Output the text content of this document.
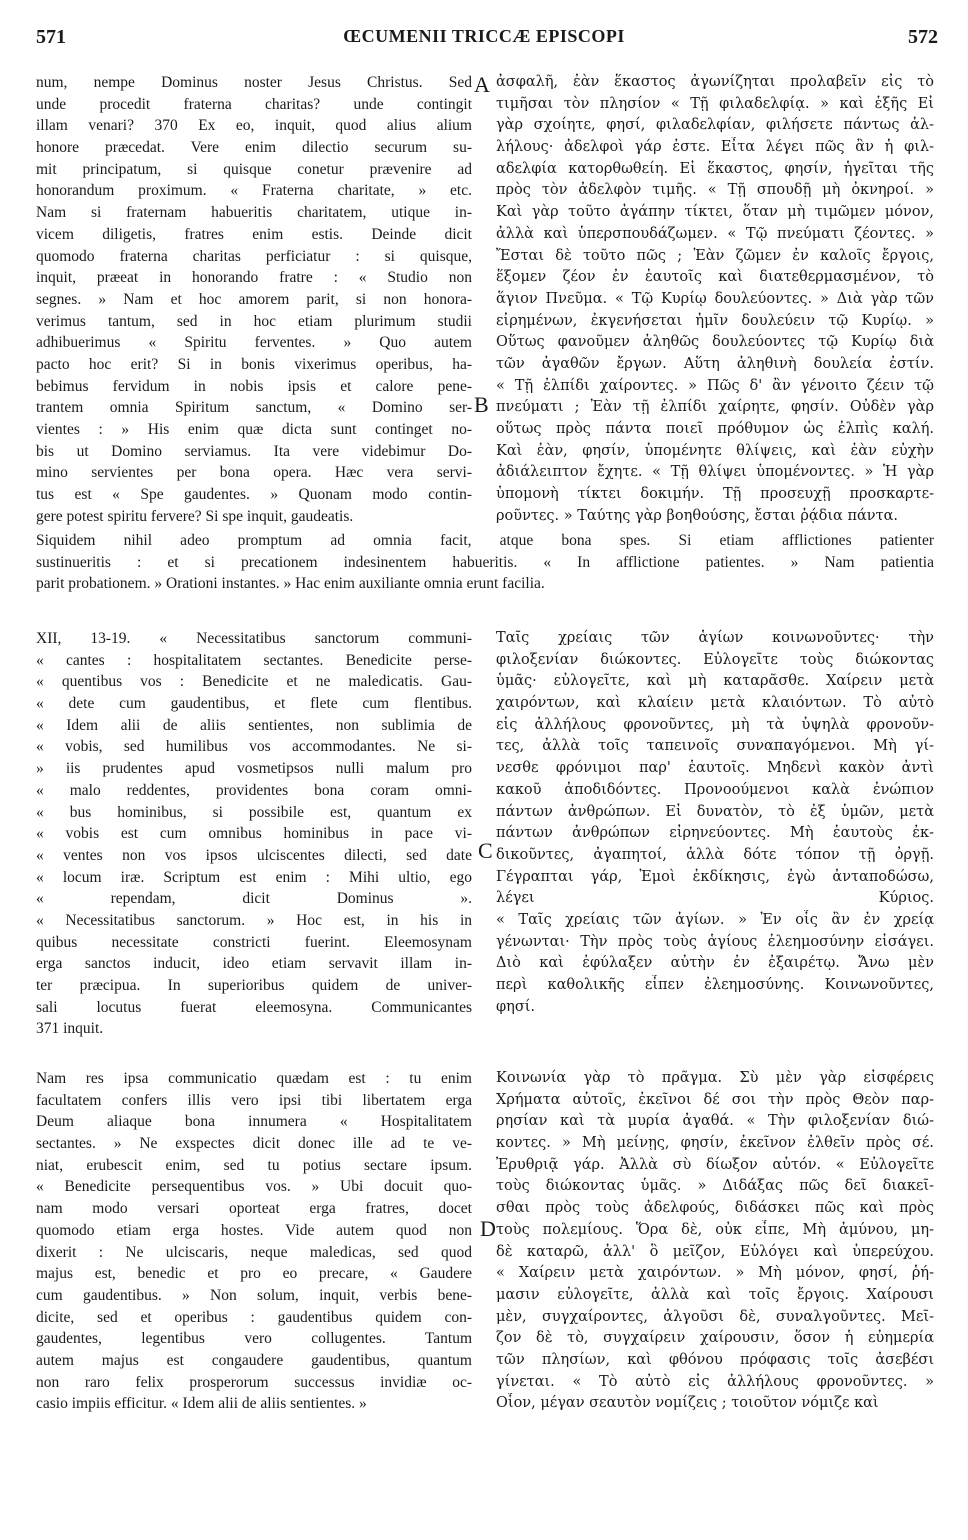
571	ŒCUMENII TRICCÆ EPISCOPI	572
A
B
C
D
num, nempe Dominus noster Jesus Christus. Sed
unde procedit fraterna charitas? unde contingit
illam venari? 370 Ex eo, inquit, quod alius alium
honore præcedat. Vere enim dilectio securum su-
mit principatum, si quisque conetur prævenire ad
honorandum proximum. « Fraterna charitate, » etc.
Nam si fraternam habueritis charitatem, utique in-
vicem diligetis, fratres enim estis. Deinde dicit
quomodo fraterna charitas perficiatur : si quisque,
inquit, præeat in honorando fratre : « Studio non
segnes. » Nam et hoc amorem parit, si non honora-
verimus tantum, sed in hoc etiam plurimum studii
adhibuerimus « Spiritu ferventes. » Quo autem
pacto hoc erit? Si in bonis vixerimus operibus, ha-
bebimus fervidum in nobis ipsis et calore pene-
trantem omnia Spiritum sanctum, « Domino ser-
vientes : » His enim quæ dicta sunt continget no-
bis ut Domino serviamus. Ita vere videbimur Do-
mino servientes per bona opera. Hæc vera servi-
tus est « Spe gaudentes. » Quonam modo contin-
gere potest spiritu fervere? Si spe inquit, gaudeatis.
ἀσφαλῆ, ἐὰν ἕκαστος ἀγωνίζηται προλαβεῖν εἰς τὸ
τιμῆσαι τὸν πλησίον « Τῇ φιλαδελφίᾳ. » καὶ ἑξῆς Εἰ
γὰρ σχοίητε, φησί, φιλαδελφίαν, φιλήσετε πάντως ἀλ-
λήλους· ἀδελφοὶ γάρ ἐστε. Εἶτα λέγει πῶς ἂν ἡ φιλ-
αδελφία κατορθωθείη. Εἰ ἕκαστος, φησίν, ἡγεῖται τῆς
πρὸς τὸν ἀδελφὸν τιμῆς. « Τῇ σπουδῇ μὴ ὀκνηροί. »
Καὶ γὰρ τοῦτο ἀγάπην τίκτει, ὅταν μὴ τιμῶμεν μόνον,
ἀλλὰ καὶ ὑπερσπουδάζωμεν. « Τῷ πνεύματι ζέοντες. »
Ἔσται δὲ τοῦτο πῶς ; Ἐὰν ζῶμεν ἐν καλοῖς ἔργοις,
ἕξομεν ζέον ἐν ἑαυτοῖς καὶ διατεθερμασμένον, τὸ
ἅγιον Πνεῦμα. « Τῷ Κυρίῳ δουλεύοντες. » Διὰ γὰρ τῶν
εἰρημένων, ἐκγενήσεται ἡμῖν δουλεύειν τῷ Κυρίῳ. »
Οὕτως φανοῦμεν ἀληθῶς δουλεύοντες τῷ Κυρίῳ διὰ
τῶν ἀγαθῶν ἔργων. Αὕτη ἀληθινὴ δουλεία ἐστίν.
« Τῇ ἐλπίδι χαίροντες. » Πῶς δ' ἂν γένοιτο ζέειν τῷ
πνεύματι ; Ἐὰν τῇ ἐλπίδι χαίρητε, φησίν. Οὐδὲν γὰρ
οὕτως πρὸς πάντα ποιεῖ πρόθυμον ὡς ἐλπὶς καλή.
Καὶ ἐὰν, φησίν, ὑπομένητε θλίψεις, καὶ ἐὰν εὐχὴν
ἀδιάλειπτον ἔχητε. « Τῇ θλίψει ὑπομένοντες. » Ἡ γὰρ
ὑπομονὴ τίκτει δοκιμήν. Τῇ προσευχῇ προσκαρτε-
ροῦντες. » Ταύτης γὰρ βοηθούσης, ἔσται ῥᾴδια πάντα.
Siquidem nihil adeo promptum ad omnia facit, atque bona spes. Si etiam afflictiones patienter
sustinueritis : et si precationem indesinentem habueritis. « In afflictione patientes. » Nam patientia
parit probationem. » Orationi instantes. » Hac enim auxiliante omnia erunt facilia.
XII, 13-19. « Necessitatibus sanctorum communi-
« cantes : hospitalitatem sectantes. Benedicite perse-
« quentibus vos : Benedicite et ne maledicatis. Gau-
« dete cum gaudentibus, et flete cum flentibus.
« Idem alii de aliis sentientes, non sublimia de
« vobis, sed humilibus vos accommodantes. Ne si-
» iis prudentes apud vosmetipsos nulli malum pro
« malo reddentes, providentes bona coram omni-
« bus hominibus, si possibile est, quantum ex
« vobis est cum omnibus hominibus in pace vi-
« ventes non vos ipsos ulciscentes dilecti, sed date
« locum iræ. Scriptum est enim : Mihi ultio, ego
« rependam, dicit Dominus ».
« Necessitatibus sanctorum. » Hoc est, in his in
quibus necessitate constricti fuerint. Eleemosynam
erga sanctos inducit, ideo etiam servavit illam in-
ter præcipua. In superioribus quidem de univer-
sali locutus fuerat eleemosyna. Communicantes
371 inquit.
Ταῖς χρείαις τῶν ἁγίων κοινωνοῦντες· τὴν
φιλοξενίαν διώκοντες. Εὐλογεῖτε τοὺς διώκοντας
ὑμᾶς· εὐλογεῖτε, καὶ μὴ καταρᾶσθε. Χαίρειν μετὰ
χαιρόντων, καὶ κλαίειν μετὰ κλαιόντων. Τὸ αὐτὸ
εἰς ἀλλήλους φρονοῦντες, μὴ τὰ ὑψηλὰ φρονοῦν-
τες, ἀλλὰ τοῖς ταπεινοῖς συναπαγόμενοι. Μὴ γί-
νεσθε φρόνιμοι παρ' ἑαυτοῖς. Μηδενὶ κακὸν ἀντὶ
κακοῦ ἀποδιδόντες. Προνοούμενοι καλὰ ἐνώπιον
πάντων ἀνθρώπων. Εἰ δυνατὸν, τὸ ἐξ ὑμῶν, μετὰ
πάντων ἀνθρώπων εἰρηνεύοντες. Μὴ ἑαυτοὺς ἐκ-
δικοῦντες, ἀγαπητοί, ἀλλὰ δότε τόπον τῇ ὀργῇ.
Γέγραπται γάρ, Ἐμοὶ ἐκδίκησις, ἐγὼ ἀνταποδώσω,
λέγει Κύριος.
« Ταῖς χρείαις τῶν ἁγίων. » Ἐν οἷς ἂν ἐν χρείᾳ
γένωνται· Τὴν πρὸς τοὺς ἁγίους ἐλεημοσύνην εἰσάγει.
Διὸ καὶ ἐφύλαξεν αὐτὴν ἐν ἐξαιρέτῳ. Ἄνω μὲν
περὶ καθολικῆς εἶπεν ἐλεημοσύνης. Κοινωνοῦντες,
φησί.
Nam res ipsa communicatio quædam est : tu enim
facultatem confers illis vero ipsi tibi libertatem erga
Deum aliaque bona innumera « Hospitalitatem
sectantes. » Ne exspectes dicit donec ille ad te ve-
niat, erubescit enim, sed tu potius sectare ipsum.
« Benedicite persequentibus vos. » Ubi docuit quo-
nam modo versari oporteat erga fratres, docet
quomodo etiam erga hostes. Vide autem quod non
dixerit : Ne ulciscaris, neque maledicas, sed quod
majus est, benedic et pro eo precare, « Gaudere
cum gaudentibus. » Non solum, inquit, verbis bene-
dicite, sed et operibus : gaudentibus quidem con-
gaudentes, legentibus vero collugentes. Tantum
autem majus est congaudere gaudentibus, quantum
non raro felix prosperorum successus invidiæ oc-
casio impiis efficitur. « Idem alii de aliis sentientes. »
Κοινωνία γὰρ τὸ πρᾶγμα. Σὺ μὲν γὰρ εἰσφέρεις
Χρήματα αὐτοῖς, ἐκεῖνοι δέ σοι τὴν πρὸς Θεὸν παρ-
ρησίαν καὶ τὰ μυρία ἀγαθά. « Τὴν φιλοξενίαν διώ-
κοντες. » Μὴ μείνῃς, φησίν, ἐκεῖνον ἐλθεῖν πρὸς σέ.
Ἐρυθριᾷ γάρ. Ἀλλὰ σὺ δίωξον αὐτόν. « Εὐλογεῖτε
τοὺς διώκοντας ὑμᾶς. » Διδάξας πῶς δεῖ διακεῖ-
σθαι πρὸς τοὺς ἀδελφούς, διδάσκει πῶς καὶ πρὸς
τοὺς πολεμίους. Ὅρα δὲ, οὐκ εἶπε, Μὴ ἀμύνου, μη-
δὲ καταρῶ, ἀλλ' ὃ μεῖζον, Εὐλόγει καὶ ὑπερεύχου.
« Χαίρειν μετὰ χαιρόντων. » Μὴ μόνον, φησί, ῥή-
μασιν εὐλογεῖτε, ἀλλὰ καὶ τοῖς ἔργοις. Χαίρουσι
μὲν, συγχαίροντες, ἀλγοῦσι δὲ, συναλγοῦντες. Μεῖ-
ζον δὲ τὸ, συγχαίρειν χαίρουσιν, ὅσον ἡ εὐημερία
τῶν πλησίων, καὶ φθόνου πρόφασις τοῖς ἀσεβέσι
γίνεται. « Τὸ αὐτὸ εἰς ἀλλήλους φρονοῦντες. »
Οἷον, μέγαν σεαυτὸν νομίζεις ; τοιοῦτον νόμιζε καὶ
